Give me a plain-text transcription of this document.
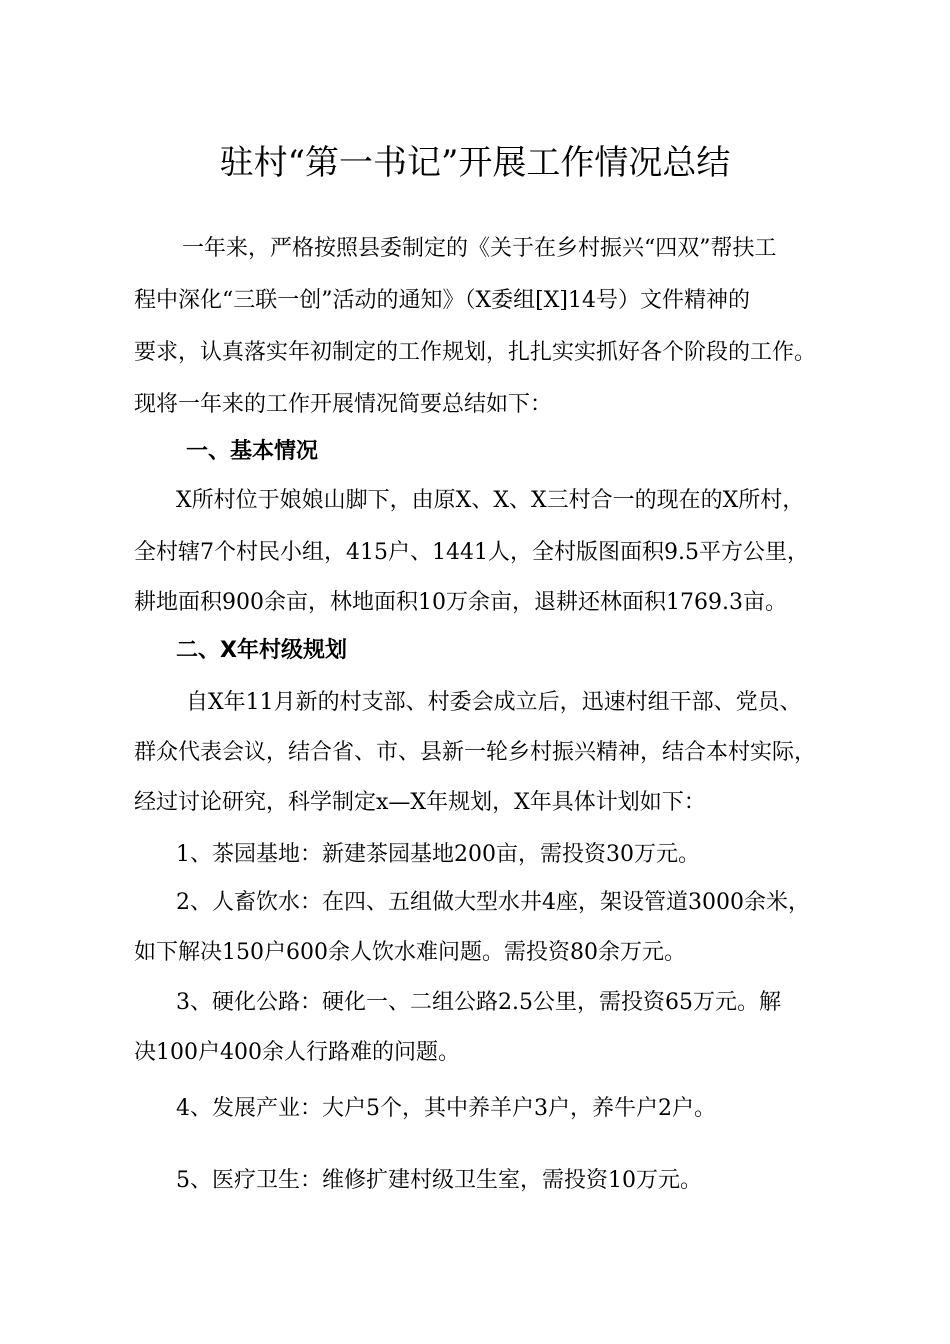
驻村“第一书记”开展工作情况总结
一年来，严格按照县委制定的《关于在乡村振兴“四双”帮扶工
程中深化“三联一创”活动的通知》（X委组[X]14号）文件精神的
要求，认真落实年初制定的工作规划，扎扎实实抓好各个阶段的工作。
现将一年来的工作开展情况简要总结如下：
一、基本情况
X所村位于娘娘山脚下，由原X、X、X三村合一的现在的X所村，
全村辖7个村民小组，415户、1441人，全村版图面积9.5平方公里，
耕地面积900余亩，林地面积10万余亩，退耕还林面积1769.3亩。
二、X年村级规划
自X年11月新的村支部、村委会成立后，迅速村组干部、党员、
群众代表会议，结合省、市、县新一轮乡村振兴精神，结合本村实际，
经过讨论研究，科学制定x—X年规划，X年具体计划如下：
1、茶园基地：新建茶园基地200亩，需投资30万元。
2、人畜饮水：在四、五组做大型水井4座，架设管道3000余米，
如下解决150户600余人饮水难问题。需投资80余万元。
3、硬化公路：硬化一、二组公路2.5公里，需投资65万元。解
决100户400余人行路难的问题。
4、发展产业：大户5个，其中养羊户3户，养牛户2户。
5、医疗卫生：维修扩建村级卫生室，需投资10万元。
